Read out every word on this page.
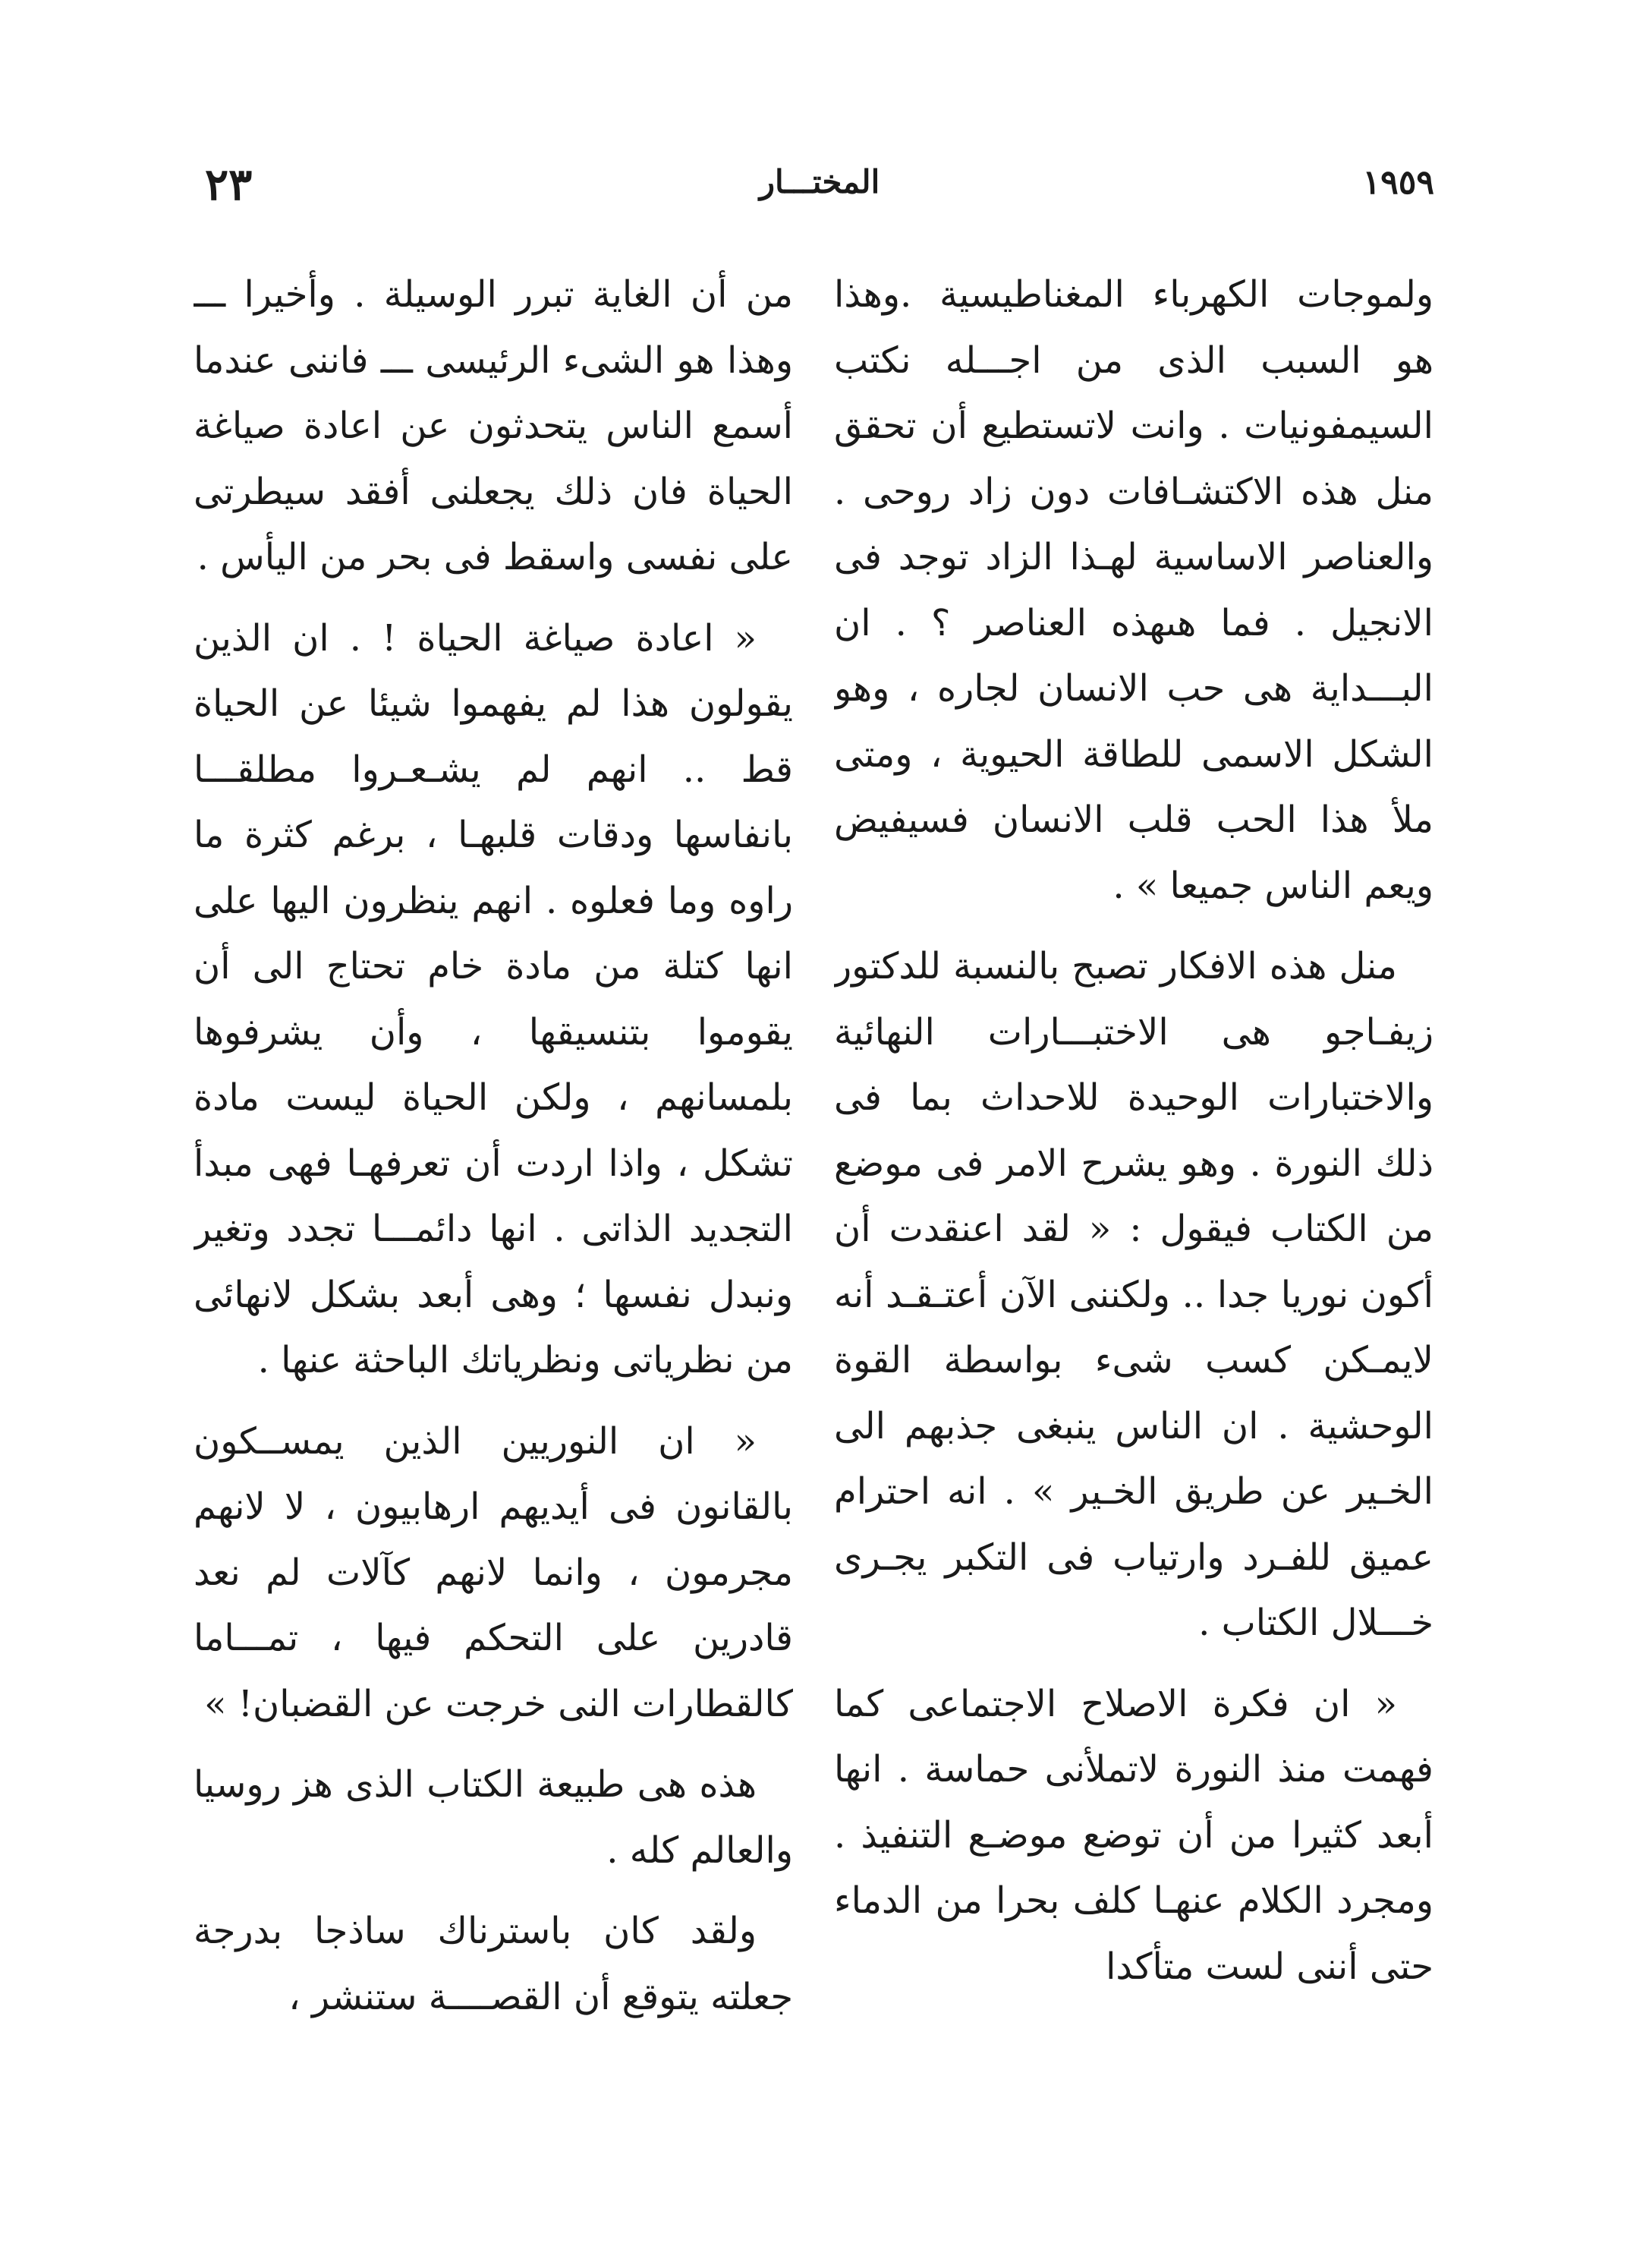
١٩٥٩
المختـــار
٢٣

ولموجات الكهرباء المغناطيسية .وهذا هو السبب الذى من اجـــله نكتب السيمفونيات . وانت لاتستطيع أن تحقق منل هذه الاكتشـافات دون زاد روحى . والعناصر الاساسية لهـذا الزاد توجد فى الانجيل . فما هىهذه العناصر ؟ . ان البـــداية هى حب الانسان لجاره ، وهو الشكل الاسمى للطاقة الحيوية ، ومتى ملأ هذا الحب قلب الانسان فسيفيض ويعم الناس جميعا » .

منل هذه الافكار تصبح بالنسبة للدكتور زيفـاجو هى الاختبـــارات النهائية والاختبارات الوحيدة للاحداث بما فى ذلك النورة . وهو يشرح الامر فى موضع من الكتاب فيقول : « لقد اعنقدت أن أكون نوريا جدا .. ولكننى الآن أعتـقـد أنه لايمـكن كسب شىء بواسطة القوة الوحشية . ان الناس ينبغى جذبهم الى الخـير عن طريق الخـير » . انه احترام عميق للفـرد وارتياب فى التكبر يجـرى خـــلال الكتاب .

« ان فكرة الاصلاح الاجتماعى كما فهمت منذ النورة لاتملأنى حماسة . انها أبعد كثيرا من أن توضع موضـع التنفيذ . ومجرد الكلام عنهـا كلف بحرا من الدماء حتى أننى لست متأكدا

من أن الغاية تبرر الوسيلة . وأخيرا ـــ وهذا هو الشىء الرئيسى ـــ فاننى عندما أسمع الناس يتحدثون عن اعادة صياغة الحياة فان ذلك يجعلنى أفقد سيطرتى على نفسى واسقط فى بحر من اليأس .

« اعادة صياغة الحياة ! . ان الذين يقولون هذا لم يفهموا شيئا عن الحياة قط .. انهم لم يشـعـروا مطلقـــا بانفاسها ودقات قلبهـا ، برغم كثرة ما راوه وما فعلوه . انهم ينظرون اليها على انها كتلة من مادة خام تحتاج الى أن يقوموا بتنسيقها ، وأن يشرفوها بلمسانهم ، ولكن الحياة ليست مادة تشكل ، واذا اردت أن تعرفهـا فهى مبدأ التجديد الذاتى . انها دائمـــا تجدد وتغير ونبدل نفسها ؛ وهى أبعد بشكل لانهائى من نظرياتى ونظرياتك الباحثة عنها .

« ان النوريين الذين يمســكون بالقانون فى أيديهم ارهابيون ، لا لانهم مجرمون ، وانما لانهم كآلات لم نعد قادرين على التحكم فيها ، تمـــاما كالقطارات النى خرجت عن القضبان! »

هذه هى طبيعة الكتاب الذى هز روسيا والعالم كله .

ولقد كان باسترناك ساذجا بدرجة جعلته يتوقع أن القصــــة ستنشر ،
